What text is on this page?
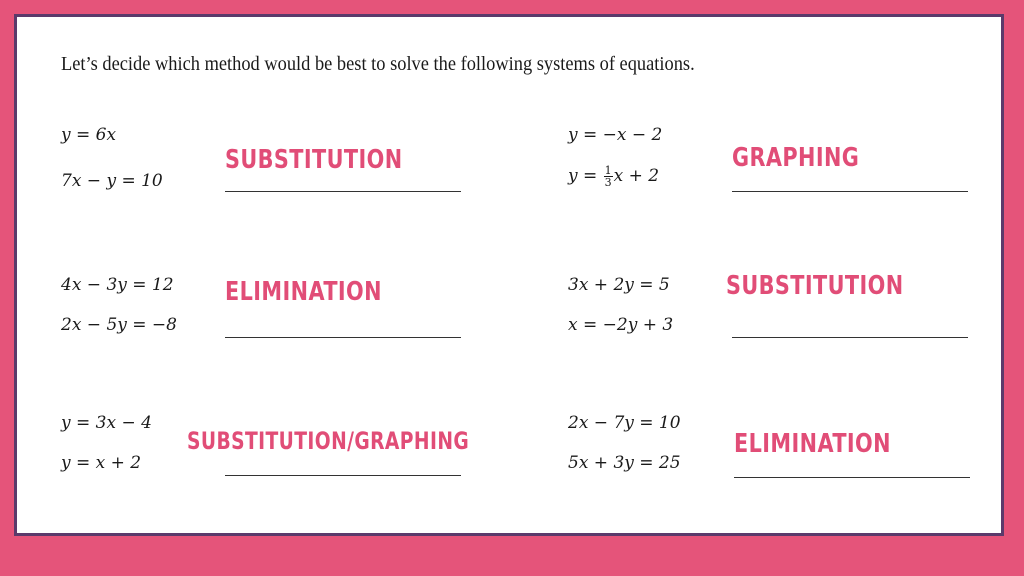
Let’s decide which method would be best to solve the following systems of equations.
y = 6x
7x − y = 10
SUBSTITUTION
y = −x − 2
$y = \frac{1}{3}$ x + 2
GRAPHING
4x − 3y = 12
2x − 5y = −8
ELIMINATION	3x + 2y = 5
x = −2y + 3
SUBSTITUTION
y = 3x − 4
y = x + 2
SUBSTITUTION/GRAPHING
2x − 7y = 10
5x + 3y = 25
ELIMINATION
